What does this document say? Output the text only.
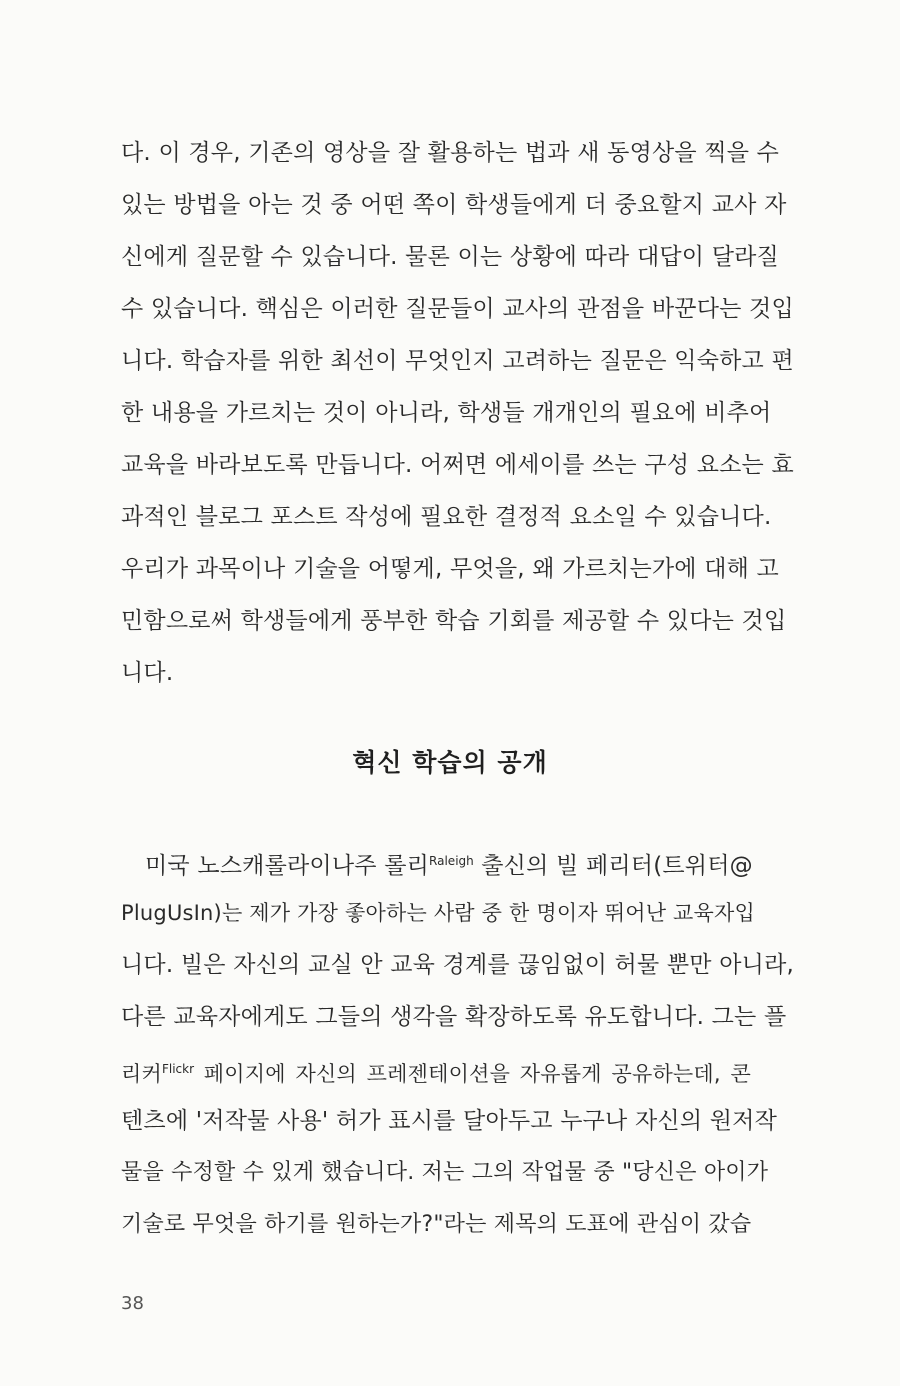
다. 이 경우, 기존의 영상을 잘 활용하는 법과 새 동영상을 찍을 수
있는 방법을 아는 것 중 어떤 쪽이 학생들에게 더 중요할지 교사 자
신에게 질문할 수 있습니다. 물론 이는 상황에 따라 대답이 달라질
수 있습니다. 핵심은 이러한 질문들이 교사의 관점을 바꾼다는 것입
니다. 학습자를 위한 최선이 무엇인지 고려하는 질문은 익숙하고 편
한 내용을 가르치는 것이 아니라, 학생들 개개인의 필요에 비추어
교육을 바라보도록 만듭니다. 어쩌면 에세이를 쓰는 구성 요소는 효
과적인 블로그 포스트 작성에 필요한 결정적 요소일 수 있습니다.
우리가 과목이나 기술을 어떻게, 무엇을, 왜 가르치는가에 대해 고
민함으로써 학생들에게 풍부한 학습 기회를 제공할 수 있다는 것입
니다.
혁신 학습의 공개
미국 노스캐롤라이나주 롤리$^{Raleigh}$ 출신의 빌 페리터(트위터@
PlugUsIn)는 제가 가장 좋아하는 사람 중 한 명이자 뛰어난 교육자입
니다. 빌은 자신의 교실 안 교육 경계를 끊임없이 허물 뿐만 아니라,
다른 교육자에게도 그들의 생각을 확장하도록 유도합니다. 그는 플
리커$^{Flickr}$ 페이지에 자신의 프레젠테이션을 자유롭게 공유하는데, 콘
텐츠에 '저작물 사용' 허가 표시를 달아두고 누구나 자신의 원저작
물을 수정할 수 있게 했습니다. 저는 그의 작업물 중 "당신은 아이가
기술로 무엇을 하기를 원하는가?"라는 제목의 도표에 관심이 갔습
38
